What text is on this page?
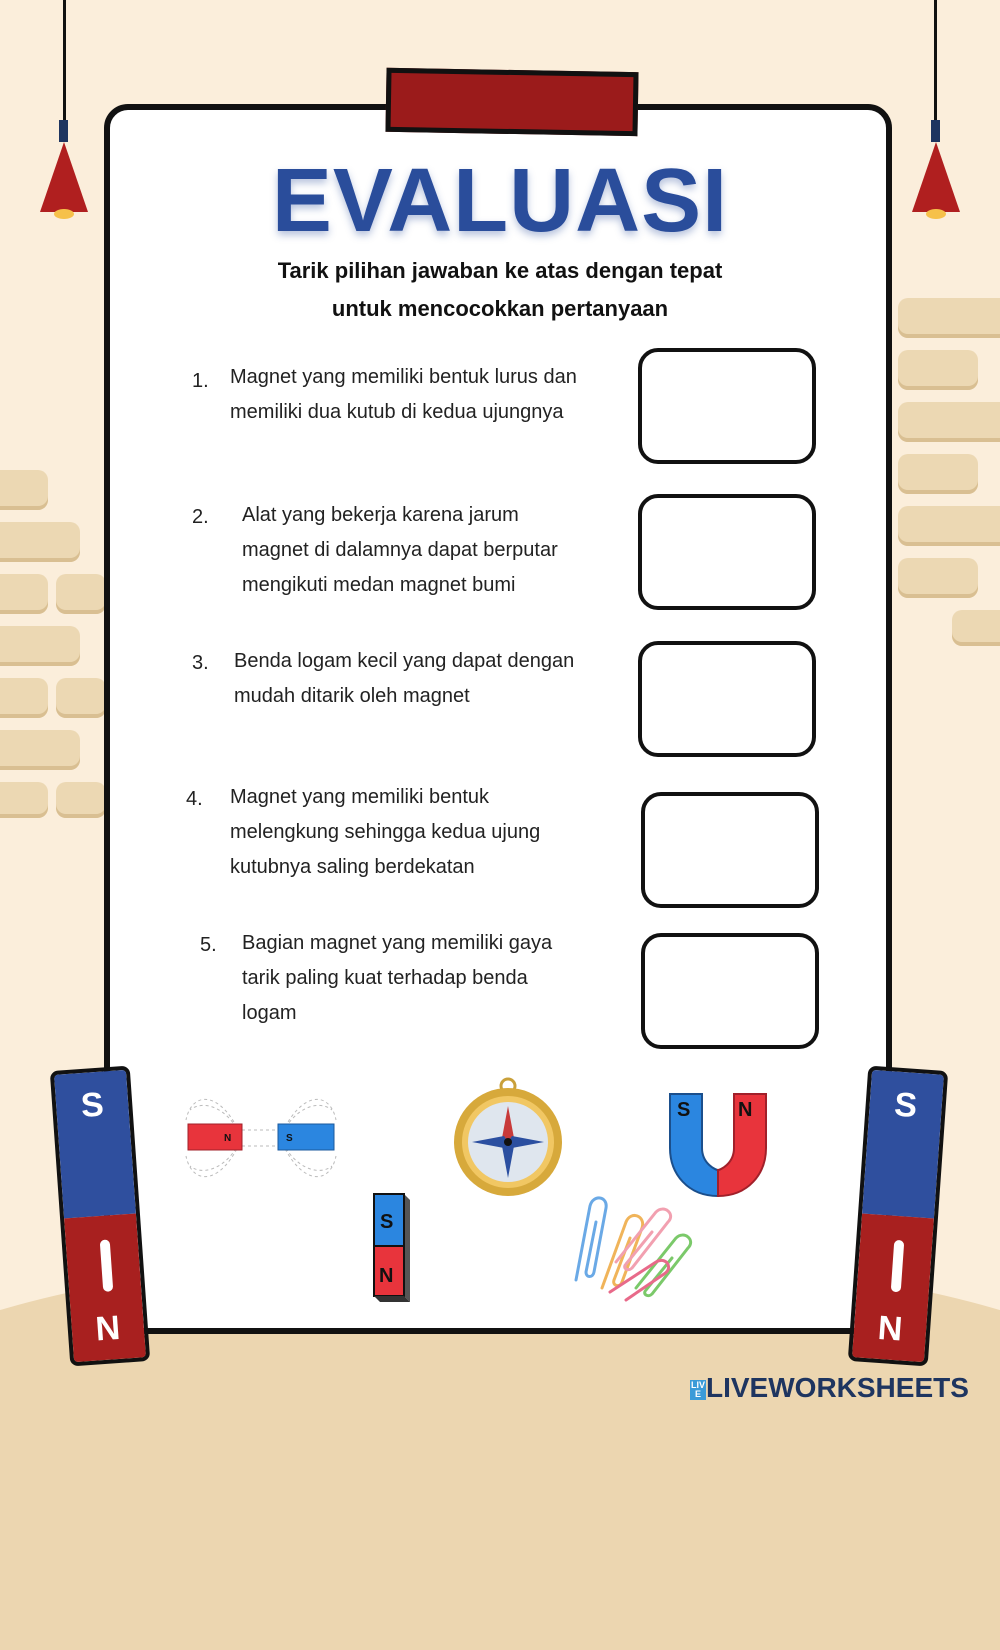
EVALUASI
Tarik pilihan jawaban ke atas dengan tepat
untuk mencocokkan pertanyaan
1. Magnet yang memiliki bentuk lurus dan
memiliki dua kutub di kedua ujungnya
2. Alat yang bekerja karena jarum
magnet di dalamnya dapat berputar
mengikuti medan magnet bumi
3. Benda logam kecil yang dapat dengan
mudah ditarik oleh magnet
4. Magnet yang memiliki bentuk
melengkung sehingga kedua ujung
kutubnya saling berdekatan
5. Bagian magnet yang memiliki gaya
tarik paling kuat terhadap benda
logam
S
N
S
N
N	S
S N
S
N
LIVE LIVEWORKSHEETS
